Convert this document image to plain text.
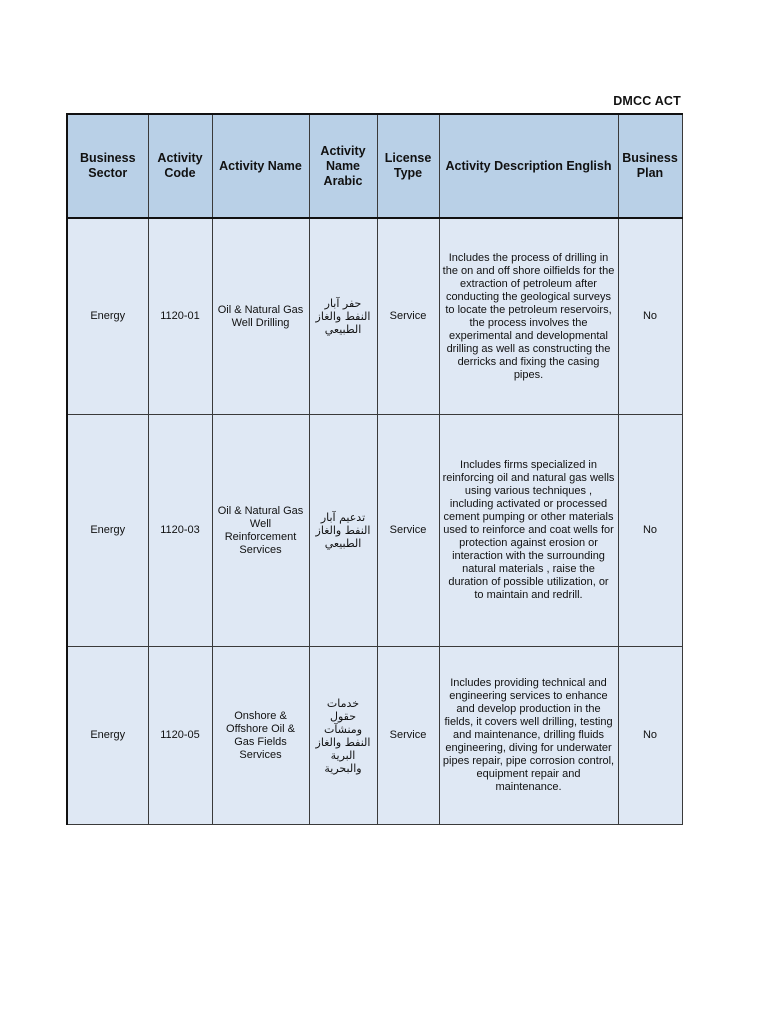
DMCC ACT
Business Sector	Activity Code	Activity Name	Activity Name Arabic	License Type	Activity Description English	Business Plan
Energy	1120-01	Oil & Natural Gas Well Drilling	حفر آبار النفط والغاز الطبيعي	Service	Includes the process of drilling in the on and off shore oilfields for the extraction of petroleum after conducting the geological surveys to locate the petroleum reservoirs, the process involves the experimental and developmental drilling as well as constructing the derricks and fixing the casing pipes.	No
Energy	1120-03	Oil & Natural Gas Well Reinforcement Services	تدعيم آبار النفط والغاز الطبيعي	Service	Includes firms specialized in reinforcing oil and natural gas wells using various techniques , including activated or processed cement pumping or other materials used to reinforce and coat wells for protection against erosion or interaction with the surrounding natural materials , raise the duration of possible utilization, or to maintain and redrill.	No
Energy	1120-05	Onshore & Offshore Oil & Gas Fields Services	خدمات حقول ومنشآت النفط والغاز البرية والبحرية	Service	Includes providing technical and engineering services to enhance and develop production in the fields, it covers well drilling, testing and maintenance, drilling fluids engineering, diving for underwater pipes repair, pipe corrosion control, equipment repair and maintenance.	No
